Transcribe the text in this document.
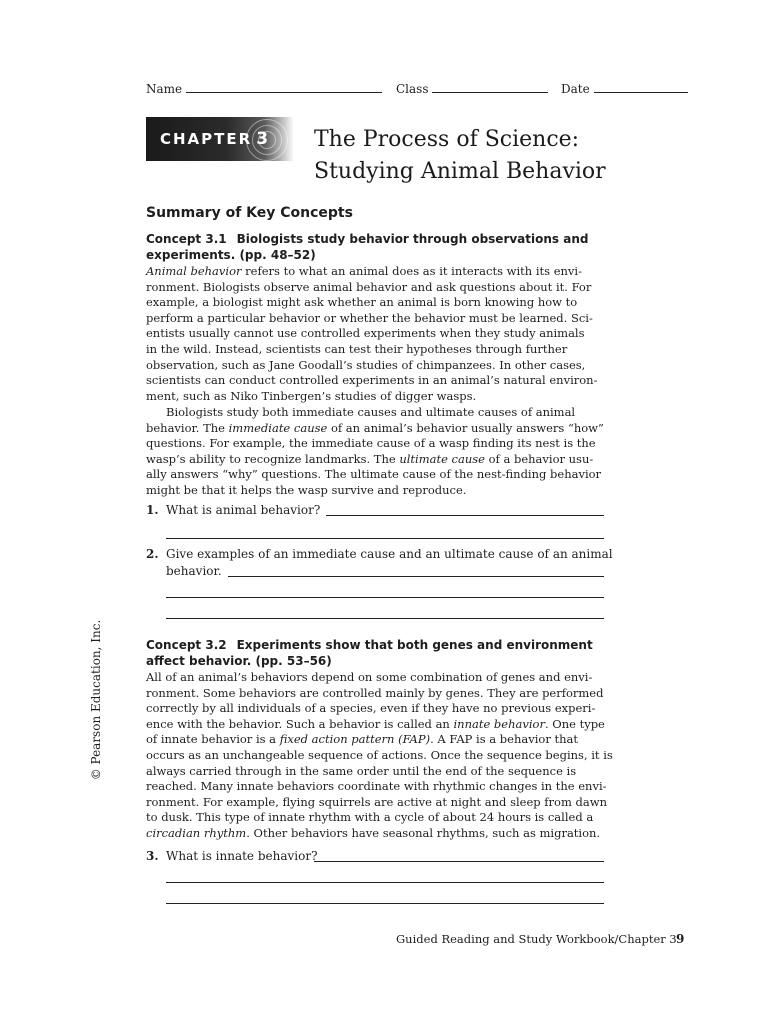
Name	Class	Date
CHAPTER 3 The Process of Science:
Studying Animal Behavior
Summary of Key Concepts
Concept 3.1 Biologists study behavior through observations and experiments. (pp. 48–52)
Animal behavior refers to what an animal does as it interacts with its envi-
ronment. Biologists observe animal behavior and ask questions about it. For
example, a biologist might ask whether an animal is born knowing how to
perform a particular behavior or whether the behavior must be learned. Sci-
entists usually cannot use controlled experiments when they study animals
in the wild. Instead, scientists can test their hypotheses through further
observation, such as Jane Goodall’s studies of chimpanzees. In other cases,
scientists can conduct controlled experiments in an animal’s natural environ-
ment, such as Niko Tinbergen’s studies of digger wasps.
Biologists study both immediate causes and ultimate causes of animal
behavior. The immediate cause of an animal’s behavior usually answers “how”
questions. For example, the immediate cause of a wasp finding its nest is the
wasp’s ability to recognize landmarks. The ultimate cause of a behavior usu-
ally answers “why” questions. The ultimate cause of the nest-finding behavior
might be that it helps the wasp survive and reproduce.
1. What is animal behavior?
2. Give examples of an immediate cause and an ultimate cause of an animal
behavior.
Concept 3.2 Experiments show that both genes and environment affect behavior. (pp. 53–56)
All of an animal’s behaviors depend on some combination of genes and envi-
ronment. Some behaviors are controlled mainly by genes. They are performed
correctly by all individuals of a species, even if they have no previous experi-
ence with the behavior. Such a behavior is called an innate behavior. One type
of innate behavior is a fixed action pattern (FAP). A FAP is a behavior that
occurs as an unchangeable sequence of actions. Once the sequence begins, it is
always carried through in the same order until the end of the sequence is
reached. Many innate behaviors coordinate with rhythmic changes in the envi-
ronment. For example, flying squirrels are active at night and sleep from dawn
to dusk. This type of innate rhythm with a cycle of about 24 hours is called a
circadian rhythm. Other behaviors have seasonal rhythms, such as migration.
3. What is innate behavior?
© Pearson Education, Inc.
Guided Reading and Study Workbook/Chapter 3 9
